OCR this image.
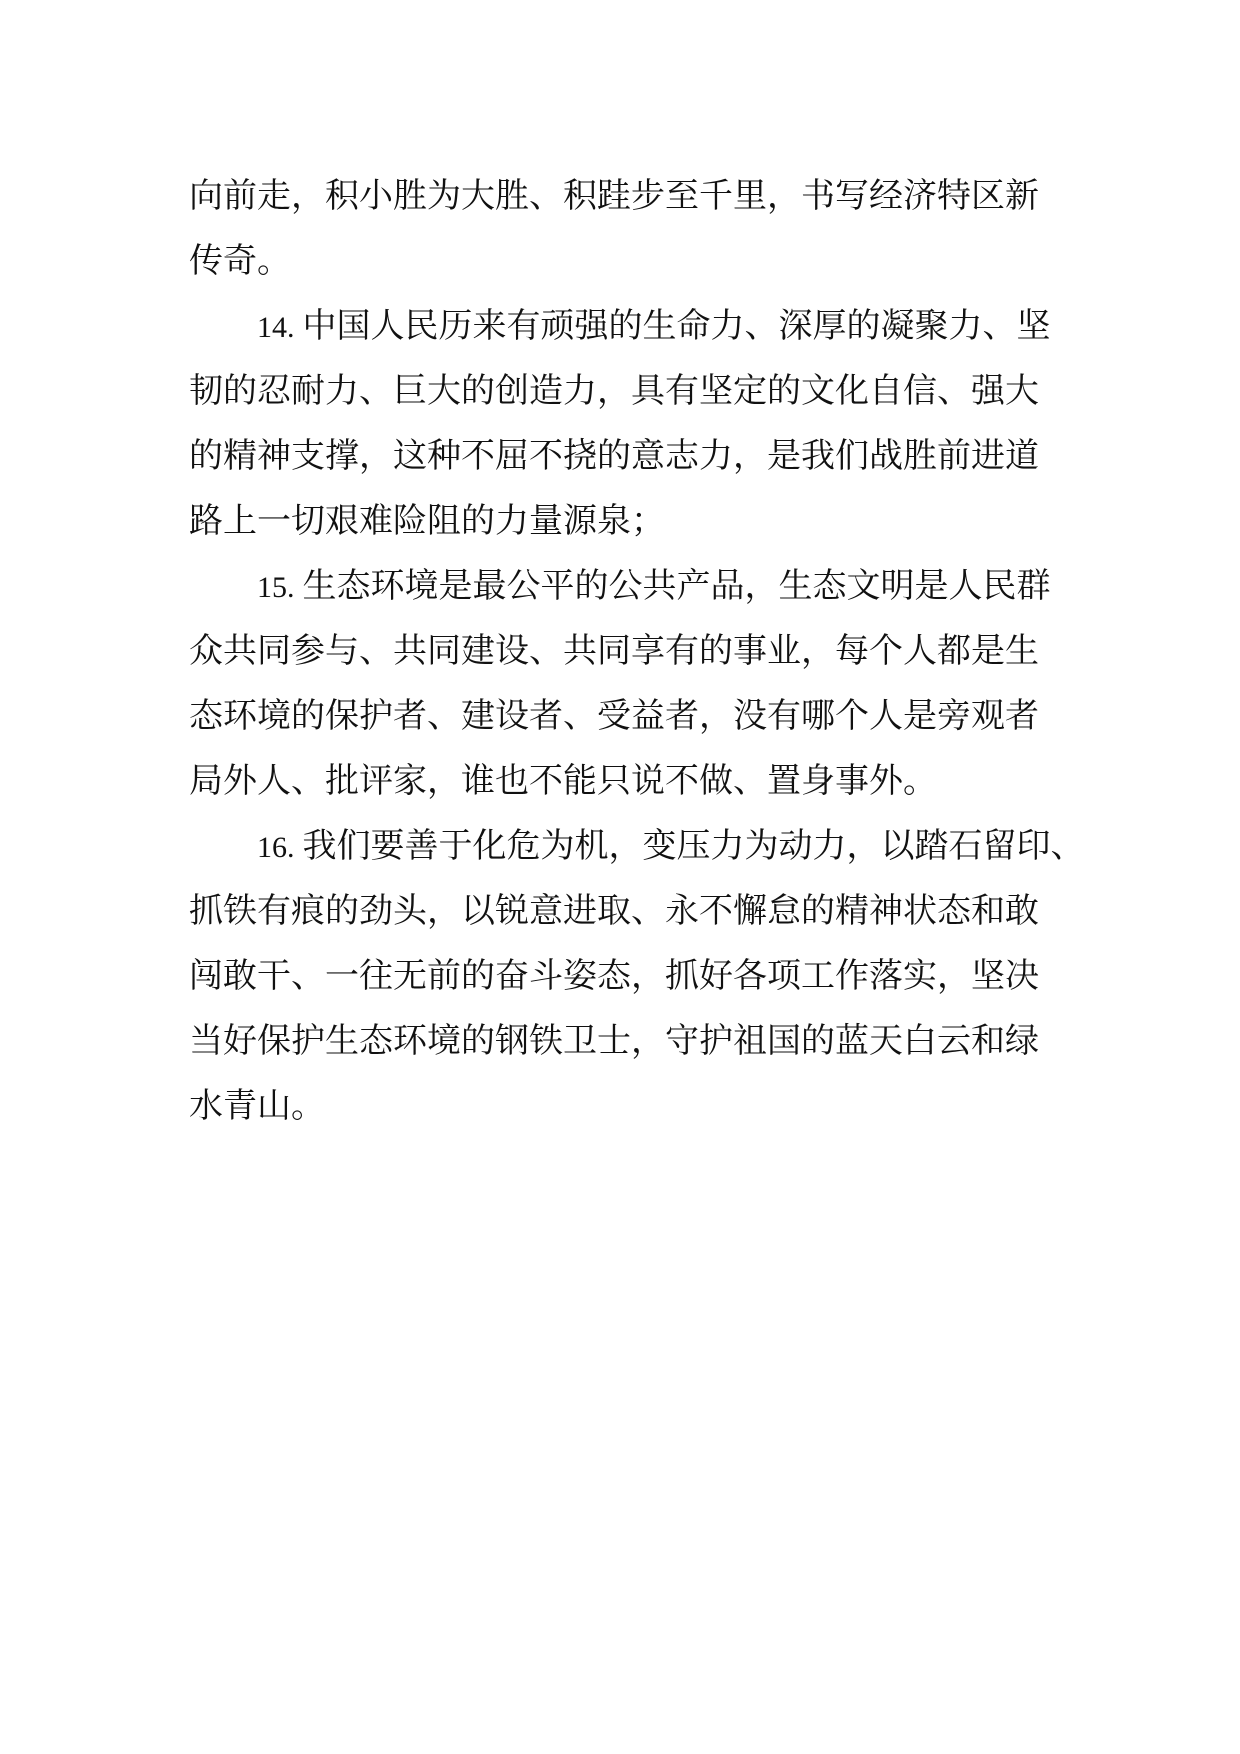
向前走，积小胜为大胜、积跬步至千里，书写经济特区新
传奇。
14. 中国人民历来有顽强的生命力、深厚的凝聚力、坚
韧的忍耐力、巨大的创造力，具有坚定的文化自信、强大
的精神支撑，这种不屈不挠的意志力，是我们战胜前进道
路上一切艰难险阻的力量源泉；
15. 生态环境是最公平的公共产品，生态文明是人民群
众共同参与、共同建设、共同享有的事业，每个人都是生
态环境的保护者、建设者、受益者，没有哪个人是旁观者
局外人、批评家，谁也不能只说不做、置身事外。
16. 我们要善于化危为机，变压力为动力，以踏石留印、
抓铁有痕的劲头，以锐意进取、永不懈怠的精神状态和敢
闯敢干、一往无前的奋斗姿态，抓好各项工作落实，坚决
当好保护生态环境的钢铁卫士，守护祖国的蓝天白云和绿
水青山。
